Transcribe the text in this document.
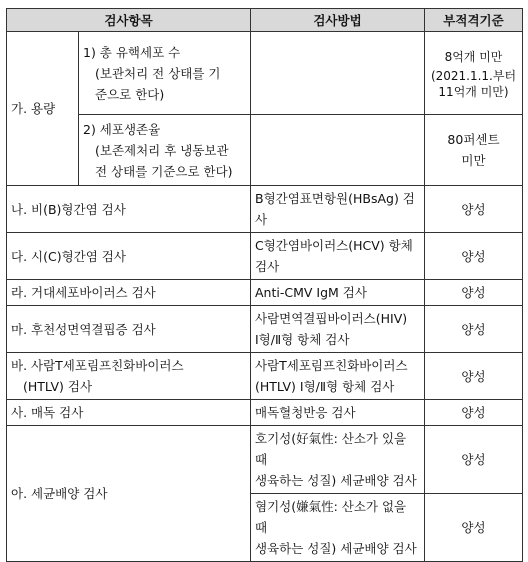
검사항목		검사방법	부적격기준
가. 용량	1) 총 유핵세포 수
(보관처리 전 상태를 기
준으로 한다)		8억개 미만
(2021.1.1.부터
11억개 미만)

	2) 세포생존율
(보존제처리 후 냉동보관
전 상태를 기준으로 한다)		80퍼센트
미만

나. 비(B)형간염 검사		B형간염표면항원(HBsAg) 검사	양성
다. 시(C)형간염 검사		C형간염바이러스(HCV) 항체 검사	양성
라. 거대세포바이러스 검사		Anti-CMV IgM 검사	양성
마. 후천성면역결핍증 검사		사람면역결핍바이러스(HIV)
Ⅰ형/Ⅱ형 항체 검사	양성

바. 사람T세포림프친화바이러스
(HTLV) 검사		사람T세포림프친화바이러스
(HTLV) Ⅰ형/Ⅱ형 항체 검사	양성
사. 매독 검사		매독혈청반응 검사	양성
아. 세균배양 검사		호기성(好氣性: 산소가 있을 때
생육하는 성질) 세균배양 검사	양성

		혐기성(嫌氣性: 산소가 없을 때
생육하는 성질) 세균배양 검사	양성
